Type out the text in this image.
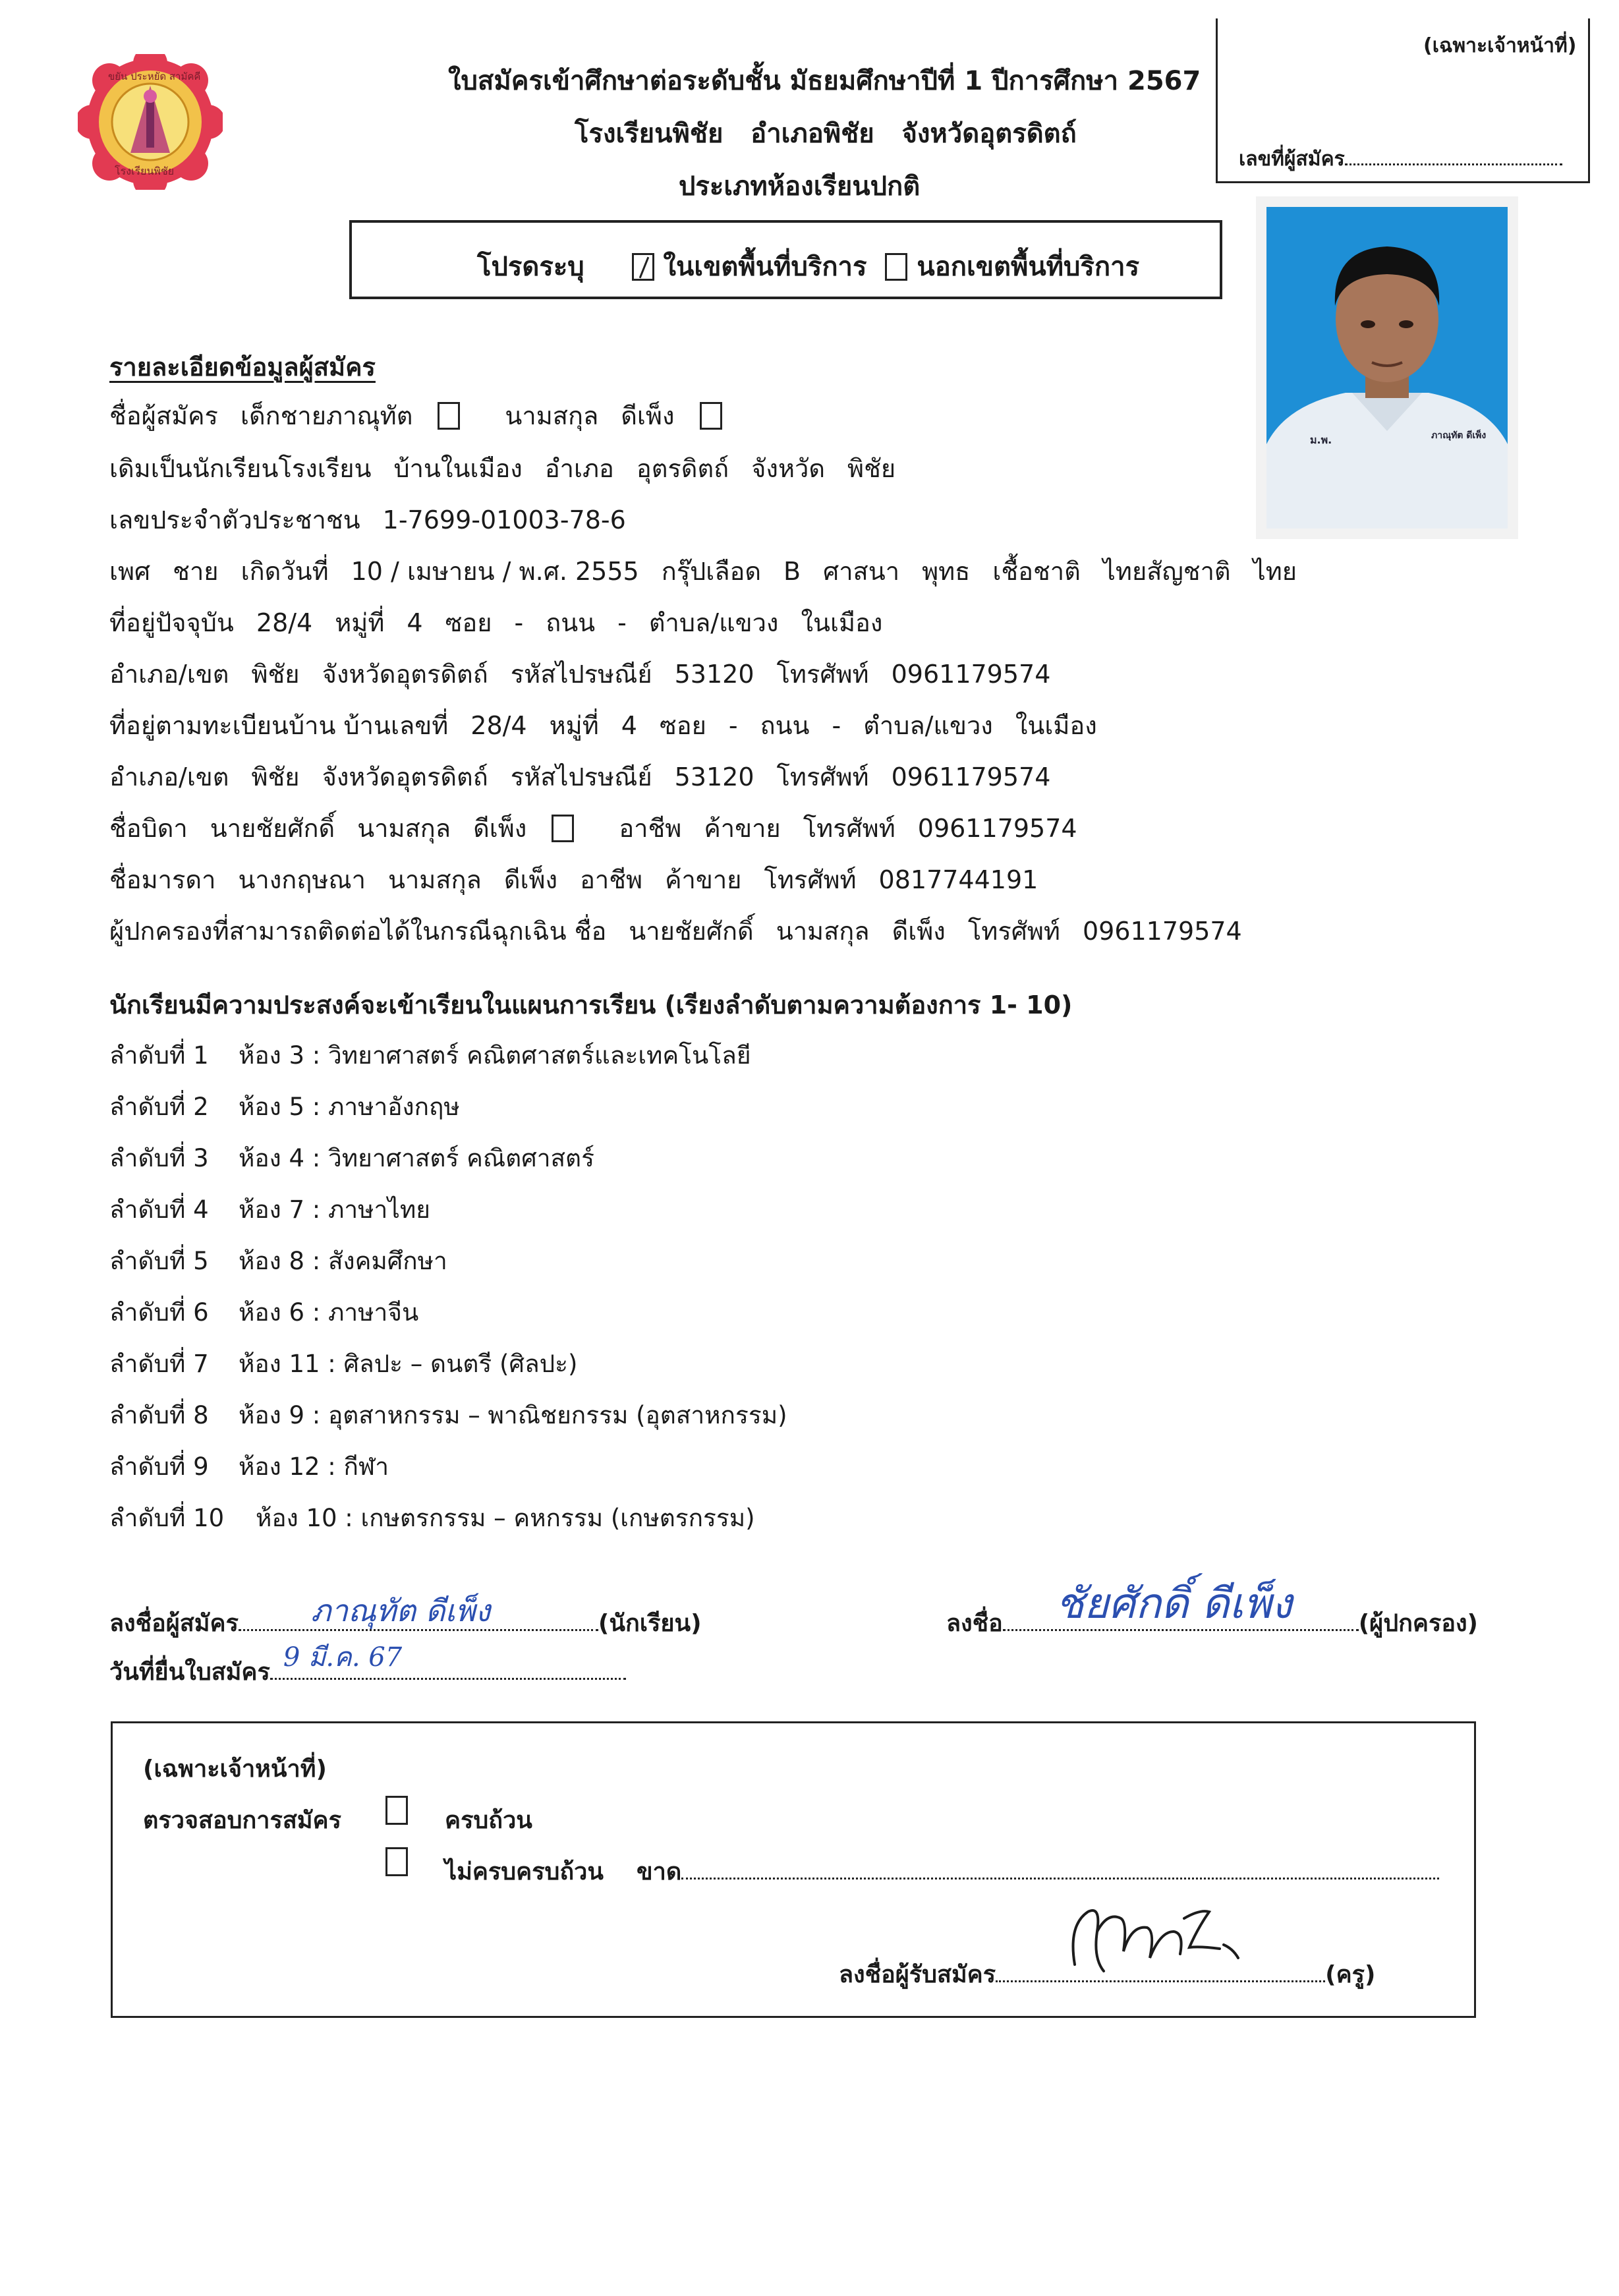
ขยัน ประหยัด สามัคคี
โรงเรียนพิชัย
ใบสมัครเข้าศึกษาต่อระดับชั้น มัธยมศึกษาปีที่ 1 ปีการศึกษา 2567
โรงเรียนพิชัย   อำเภอพิชัย   จังหวัดอุตรดิตถ์
ประเภทห้องเรียนปกติ
(เฉพาะเจ้าหน้าที่)
เลขที่ผู้สมัคร
โปรดระบุ	ในเขตพื้นที่บริการ นอกเขตพื้นที่บริการ
ม.พ.	ภาณุทัต ดีเพ็ง
รายละเอียดข้อมูลผู้สมัคร
ชื่อผู้สมัคร เด็กชายภาณุทัต	นามสกุล ดีเพ็ง
เดิมเป็นนักเรียนโรงเรียน บ้านในเมือง อำเภอ อุตรดิตถ์ จังหวัด พิชัย
เลขประจำตัวประชาชน 1-7699-01003-78-6
เพศ ชาย เกิดวันที่ 10 / เมษายน / พ.ศ. 2555 กรุ๊ปเลือด B ศาสนา พุทธ เชื้อชาติ ไทยสัญชาติ ไทย
ที่อยู่ปัจจุบัน 28/4 หมู่ที่ 4 ซอย - ถนน - ตำบล/แขวง ในเมือง
อำเภอ/เขต พิชัย จังหวัดอุตรดิตถ์ รหัสไปรษณีย์ 53120 โทรศัพท์ 0961179574
ที่อยู่ตามทะเบียนบ้าน บ้านเลขที่ 28/4 หมู่ที่ 4 ซอย - ถนน - ตำบล/แขวง ในเมือง
อำเภอ/เขต พิชัย จังหวัดอุตรดิตถ์ รหัสไปรษณีย์ 53120 โทรศัพท์ 0961179574
ชื่อบิดา นายชัยศักดิ์ นามสกุล ดีเพ็ง	อาชีพ ค้าขาย โทรศัพท์ 0961179574
ชื่อมารดา นางกฤษณา นามสกุล ดีเพ็ง อาชีพ ค้าขาย โทรศัพท์ 0817744191
ผู้ปกครองที่สามารถติดต่อได้ในกรณีฉุกเฉิน ชื่อ นายชัยศักดิ์ นามสกุล ดีเพ็ง โทรศัพท์ 0961179574
นักเรียนมีความประสงค์จะเข้าเรียนในแผนการเรียน (เรียงลำดับตามความต้องการ 1- 10)
ลำดับที่ 1 ห้อง 3 : วิทยาศาสตร์ คณิตศาสตร์และเทคโนโลยี
ลำดับที่ 2 ห้อง 5 : ภาษาอังกฤษ
ลำดับที่ 3 ห้อง 4 : วิทยาศาสตร์ คณิตศาสตร์
ลำดับที่ 4 ห้อง 7 : ภาษาไทย
ลำดับที่ 5 ห้อง 8 : สังคมศึกษา
ลำดับที่ 6 ห้อง 6 : ภาษาจีน
ลำดับที่ 7 ห้อง 11 : ศิลปะ – ดนตรี (ศิลปะ)
ลำดับที่ 8 ห้อง 9 : อุตสาหกรรม – พาณิชยกรรม (อุตสาหกรรม)
ลำดับที่ 9 ห้อง 12 : กีฬา
ลำดับที่ 10 ห้อง 10 : เกษตรกรรม – คหกรรม (เกษตรกรรม)
ลงชื่อผู้สมัคร ภาณุทัต ดีเพ็ง	(นักเรียน)
วันที่ยื่นใบสมัคร 9 มี.ค. 67
ลงชื่อ ชัยศักดิ์ ดีเพ็ง	(ผู้ปกครอง)
(เฉพาะเจ้าหน้าที่)
ตรวจสอบการสมัคร	ครบถ้วน
ไม่ครบครบถ้วน ขาด
ลงชื่อผู้รับสมัคร	(ครู)
